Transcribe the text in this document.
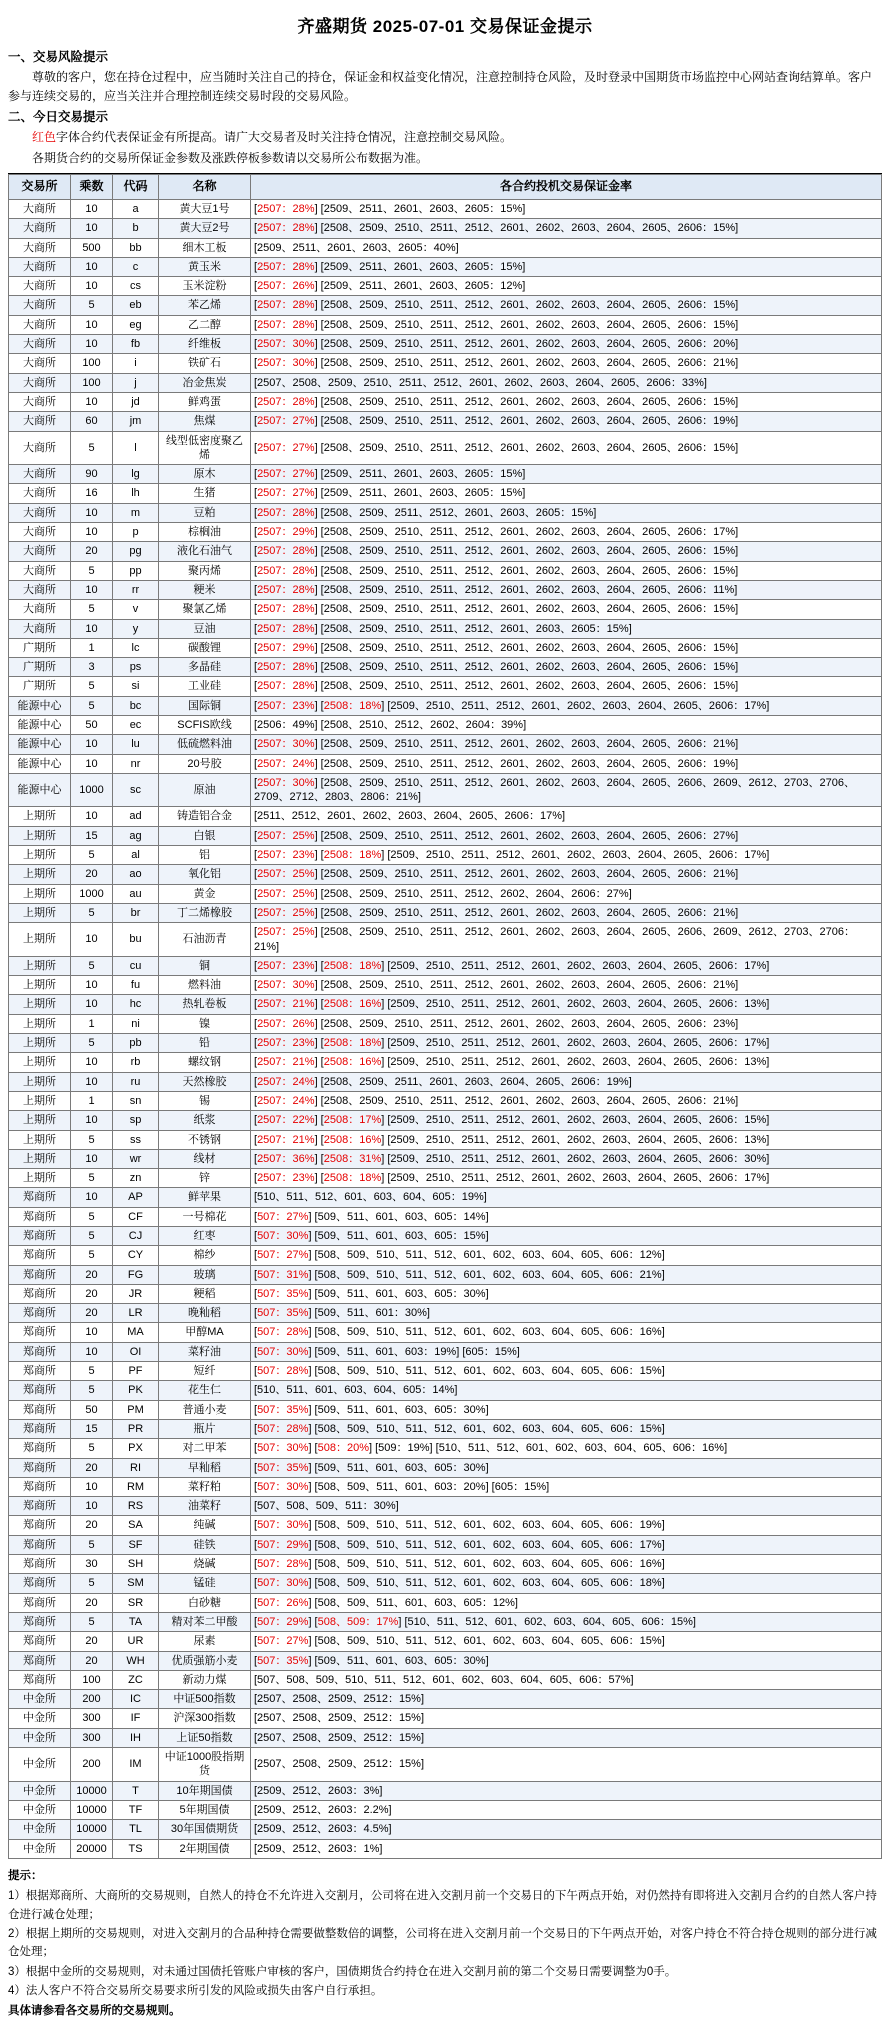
齐盛期货 2025-07-01 交易保证金提示
一、交易风险提示

尊敬的客户，您在持仓过程中，应当随时关注自己的持仓，保证金和权益变化情况，注意控制持仓风险，及时登录中国期货市场监控中心网站查询结算单。客户参与连续交易的，应当关注并合理控制连续交易时段的交易风险。

二、今日交易提示

红色字体合约代表保证金有所提高。请广大交易者及时关注持仓情况，注意控制交易风险。

各期货合约的交易所保证金参数及涨跌停板参数请以交易所公布数据为准。

交易所	乘数	代码	名称	各合约投机交易保证金率
大商所	10	a	黄大豆1号	[2507：28%] [2509、2511、2601、2603、2605：15%]
大商所	10	b	黄大豆2号	[2507：28%] [2508、2509、2510、2511、2512、2601、2602、2603、2604、2605、2606：15%]
大商所	500	bb	细木工板	[2509、2511、2601、2603、2605：40%]
大商所	10	c	黄玉米	[2507：28%] [2509、2511、2601、2603、2605：15%]
大商所	10	cs	玉米淀粉	[2507：26%] [2509、2511、2601、2603、2605：12%]
大商所	5	eb	苯乙烯	[2507：28%] [2508、2509、2510、2511、2512、2601、2602、2603、2604、2605、2606：15%]
大商所	10	eg	乙二醇	[2507：28%] [2508、2509、2510、2511、2512、2601、2602、2603、2604、2605、2606：15%]
大商所	10	fb	纤维板	[2507：30%] [2508、2509、2510、2511、2512、2601、2602、2603、2604、2605、2606：20%]
大商所	100	i	铁矿石	[2507：30%] [2508、2509、2510、2511、2512、2601、2602、2603、2604、2605、2606：21%]
大商所	100	j	冶金焦炭	[2507、2508、2509、2510、2511、2512、2601、2602、2603、2604、2605、2606：33%]
大商所	10	jd	鲜鸡蛋	[2507：28%] [2508、2509、2510、2511、2512、2601、2602、2603、2604、2605、2606：15%]
大商所	60	jm	焦煤	[2507：27%] [2508、2509、2510、2511、2512、2601、2602、2603、2604、2605、2606：19%]
大商所	5	l	线型低密度聚乙烯	[2507：27%] [2508、2509、2510、2511、2512、2601、2602、2603、2604、2605、2606：15%]
大商所	90	lg	原木	[2507：27%] [2509、2511、2601、2603、2605：15%]
大商所	16	lh	生猪	[2507：27%] [2509、2511、2601、2603、2605：15%]
大商所	10	m	豆粕	[2507：28%] [2508、2509、2511、2512、2601、2603、2605：15%]
大商所	10	p	棕榈油	[2507：29%] [2508、2509、2510、2511、2512、2601、2602、2603、2604、2605、2606：17%]
大商所	20	pg	液化石油气	[2507：28%] [2508、2509、2510、2511、2512、2601、2602、2603、2604、2605、2606：15%]
大商所	5	pp	聚丙烯	[2507：28%] [2508、2509、2510、2511、2512、2601、2602、2603、2604、2605、2606：15%]
大商所	10	rr	粳米	[2507：28%] [2508、2509、2510、2511、2512、2601、2602、2603、2604、2605、2606：11%]
大商所	5	v	聚氯乙烯	[2507：28%] [2508、2509、2510、2511、2512、2601、2602、2603、2604、2605、2606：15%]
大商所	10	y	豆油	[2507：28%] [2508、2509、2510、2511、2512、2601、2603、2605：15%]
广期所	1	lc	碳酸锂	[2507：29%] [2508、2509、2510、2511、2512、2601、2602、2603、2604、2605、2606：15%]
广期所	3	ps	多晶硅	[2507：28%] [2508、2509、2510、2511、2512、2601、2602、2603、2604、2605、2606：15%]
广期所	5	si	工业硅	[2507：28%] [2508、2509、2510、2511、2512、2601、2602、2603、2604、2605、2606：15%]
能源中心	5	bc	国际铜	[2507：23%] [2508：18%] [2509、2510、2511、2512、2601、2602、2603、2604、2605、2606：17%]
能源中心	50	ec	SCFIS欧线	[2506：49%] [2508、2510、2512、2602、2604：39%]
能源中心	10	lu	低硫燃料油	[2507：30%] [2508、2509、2510、2511、2512、2601、2602、2603、2604、2605、2606：21%]
能源中心	10	nr	20号胶	[2507：24%] [2508、2509、2510、2511、2512、2601、2602、2603、2604、2605、2606：19%]
能源中心	1000	sc	原油	[2507：30%] [2508、2509、2510、2511、2512、2601、2602、2603、2604、2605、2606、2609、2612、2703、2706、2709、2712、2803、2806：21%]
上期所	10	ad	铸造铝合金	[2511、2512、2601、2602、2603、2604、2605、2606：17%]
上期所	15	ag	白银	[2507：25%] [2508、2509、2510、2511、2512、2601、2602、2603、2604、2605、2606：27%]
上期所	5	al	铝	[2507：23%] [2508：18%] [2509、2510、2511、2512、2601、2602、2603、2604、2605、2606：17%]
上期所	20	ao	氧化铝	[2507：25%] [2508、2509、2510、2511、2512、2601、2602、2603、2604、2605、2606：21%]
上期所	1000	au	黄金	[2507：25%] [2508、2509、2510、2511、2512、2602、2604、2606：27%]
上期所	5	br	丁二烯橡胶	[2507：25%] [2508、2509、2510、2511、2512、2601、2602、2603、2604、2605、2606：21%]
上期所	10	bu	石油沥青	[2507：25%] [2508、2509、2510、2511、2512、2601、2602、2603、2604、2605、2606、2609、2612、2703、2706：21%]
上期所	5	cu	铜	[2507：23%] [2508：18%] [2509、2510、2511、2512、2601、2602、2603、2604、2605、2606：17%]
上期所	10	fu	燃料油	[2507：30%] [2508、2509、2510、2511、2512、2601、2602、2603、2604、2605、2606：21%]
上期所	10	hc	热轧卷板	[2507：21%] [2508：16%] [2509、2510、2511、2512、2601、2602、2603、2604、2605、2606：13%]
上期所	1	ni	镍	[2507：26%] [2508、2509、2510、2511、2512、2601、2602、2603、2604、2605、2606：23%]
上期所	5	pb	铅	[2507：23%] [2508：18%] [2509、2510、2511、2512、2601、2602、2603、2604、2605、2606：17%]
上期所	10	rb	螺纹钢	[2507：21%] [2508：16%] [2509、2510、2511、2512、2601、2602、2603、2604、2605、2606：13%]
上期所	10	ru	天然橡胶	[2507：24%] [2508、2509、2511、2601、2603、2604、2605、2606：19%]
上期所	1	sn	锡	[2507：24%] [2508、2509、2510、2511、2512、2601、2602、2603、2604、2605、2606：21%]
上期所	10	sp	纸浆	[2507：22%] [2508：17%] [2509、2510、2511、2512、2601、2602、2603、2604、2605、2606：15%]
上期所	5	ss	不锈钢	[2507：21%] [2508：16%] [2509、2510、2511、2512、2601、2602、2603、2604、2605、2606：13%]
上期所	10	wr	线材	[2507：36%] [2508：31%] [2509、2510、2511、2512、2601、2602、2603、2604、2605、2606：30%]
上期所	5	zn	锌	[2507：23%] [2508：18%] [2509、2510、2511、2512、2601、2602、2603、2604、2605、2606：17%]
郑商所	10	AP	鲜苹果	[510、511、512、601、603、604、605：19%]
郑商所	5	CF	一号棉花	[507：27%] [509、511、601、603、605：14%]
郑商所	5	CJ	红枣	[507：30%] [509、511、601、603、605：15%]
郑商所	5	CY	棉纱	[507：27%] [508、509、510、511、512、601、602、603、604、605、606：12%]
郑商所	20	FG	玻璃	[507：31%] [508、509、510、511、512、601、602、603、604、605、606：21%]
郑商所	20	JR	粳稻	[507：35%] [509、511、601、603、605：30%]
郑商所	20	LR	晚籼稻	[507：35%] [509、511、601：30%]
郑商所	10	MA	甲醇MA	[507：28%] [508、509、510、511、512、601、602、603、604、605、606：16%]
郑商所	10	OI	菜籽油	[507：30%] [509、511、601、603：19%] [605：15%]
郑商所	5	PF	短纤	[507：28%] [508、509、510、511、512、601、602、603、604、605、606：15%]
郑商所	5	PK	花生仁	[510、511、601、603、604、605：14%]
郑商所	50	PM	普通小麦	[507：35%] [509、511、601、603、605：30%]
郑商所	15	PR	瓶片	[507：28%] [508、509、510、511、512、601、602、603、604、605、606：15%]
郑商所	5	PX	对二甲苯	[507：30%] [508：20%] [509：19%] [510、511、512、601、602、603、604、605、606：16%]
郑商所	20	RI	早籼稻	[507：35%] [509、511、601、603、605：30%]
郑商所	10	RM	菜籽粕	[507：30%] [508、509、511、601、603：20%] [605：15%]
郑商所	10	RS	油菜籽	[507、508、509、511：30%]
郑商所	20	SA	纯碱	[507：30%] [508、509、510、511、512、601、602、603、604、605、606：19%]
郑商所	5	SF	硅铁	[507：29%] [508、509、510、511、512、601、602、603、604、605、606：17%]
郑商所	30	SH	烧碱	[507：28%] [508、509、510、511、512、601、602、603、604、605、606：16%]
郑商所	5	SM	锰硅	[507：30%] [508、509、510、511、512、601、602、603、604、605、606：18%]
郑商所	20	SR	白砂糖	[507：26%] [508、509、511、601、603、605：12%]
郑商所	5	TA	精对苯二甲酸	[507：29%] [508、509：17%] [510、511、512、601、602、603、604、605、606：15%]
郑商所	20	UR	尿素	[507：27%] [508、509、510、511、512、601、602、603、604、605、606：15%]
郑商所	20	WH	优质强筋小麦	[507：35%] [509、511、601、603、605：30%]
郑商所	100	ZC	新动力煤	[507、508、509、510、511、512、601、602、603、604、605、606：57%]
中金所	200	IC	中证500指数	[2507、2508、2509、2512：15%]
中金所	300	IF	沪深300指数	[2507、2508、2509、2512：15%]
中金所	300	IH	上证50指数	[2507、2508、2509、2512：15%]
中金所	200	IM	中证1000股指期货	[2507、2508、2509、2512：15%]
中金所	10000	T	10年期国债	[2509、2512、2603：3%]
中金所	10000	TF	5年期国债	[2509、2512、2603：2.2%]
中金所	10000	TL	30年国债期货	[2509、2512、2603：4.5%]
中金所	20000	TS	2年期国债	[2509、2512、2603：1%]
提示：

1）根据郑商所、大商所的交易规则，自然人的持仓不允许进入交割月，公司将在进入交割月前一个交易日的下午两点开始，对仍然持有即将进入交割月合约的自然人客户持仓进行减仓处理；

2）根据上期所的交易规则，对进入交割月的合品种持仓需要做整数倍的调整，公司将在进入交割月前一个交易日的下午两点开始，对客户持仓不符合持仓规则的部分进行减仓处理；

3）根据中金所的交易规则，对未通过国债托管账户审核的客户，国债期货合约持仓在进入交割月前的第二个交易日需要调整为0手。

4）法人客户不符合交易所交易要求所引发的风险或损失由客户自行承担。

具体请参看各交易所的交易规则。
